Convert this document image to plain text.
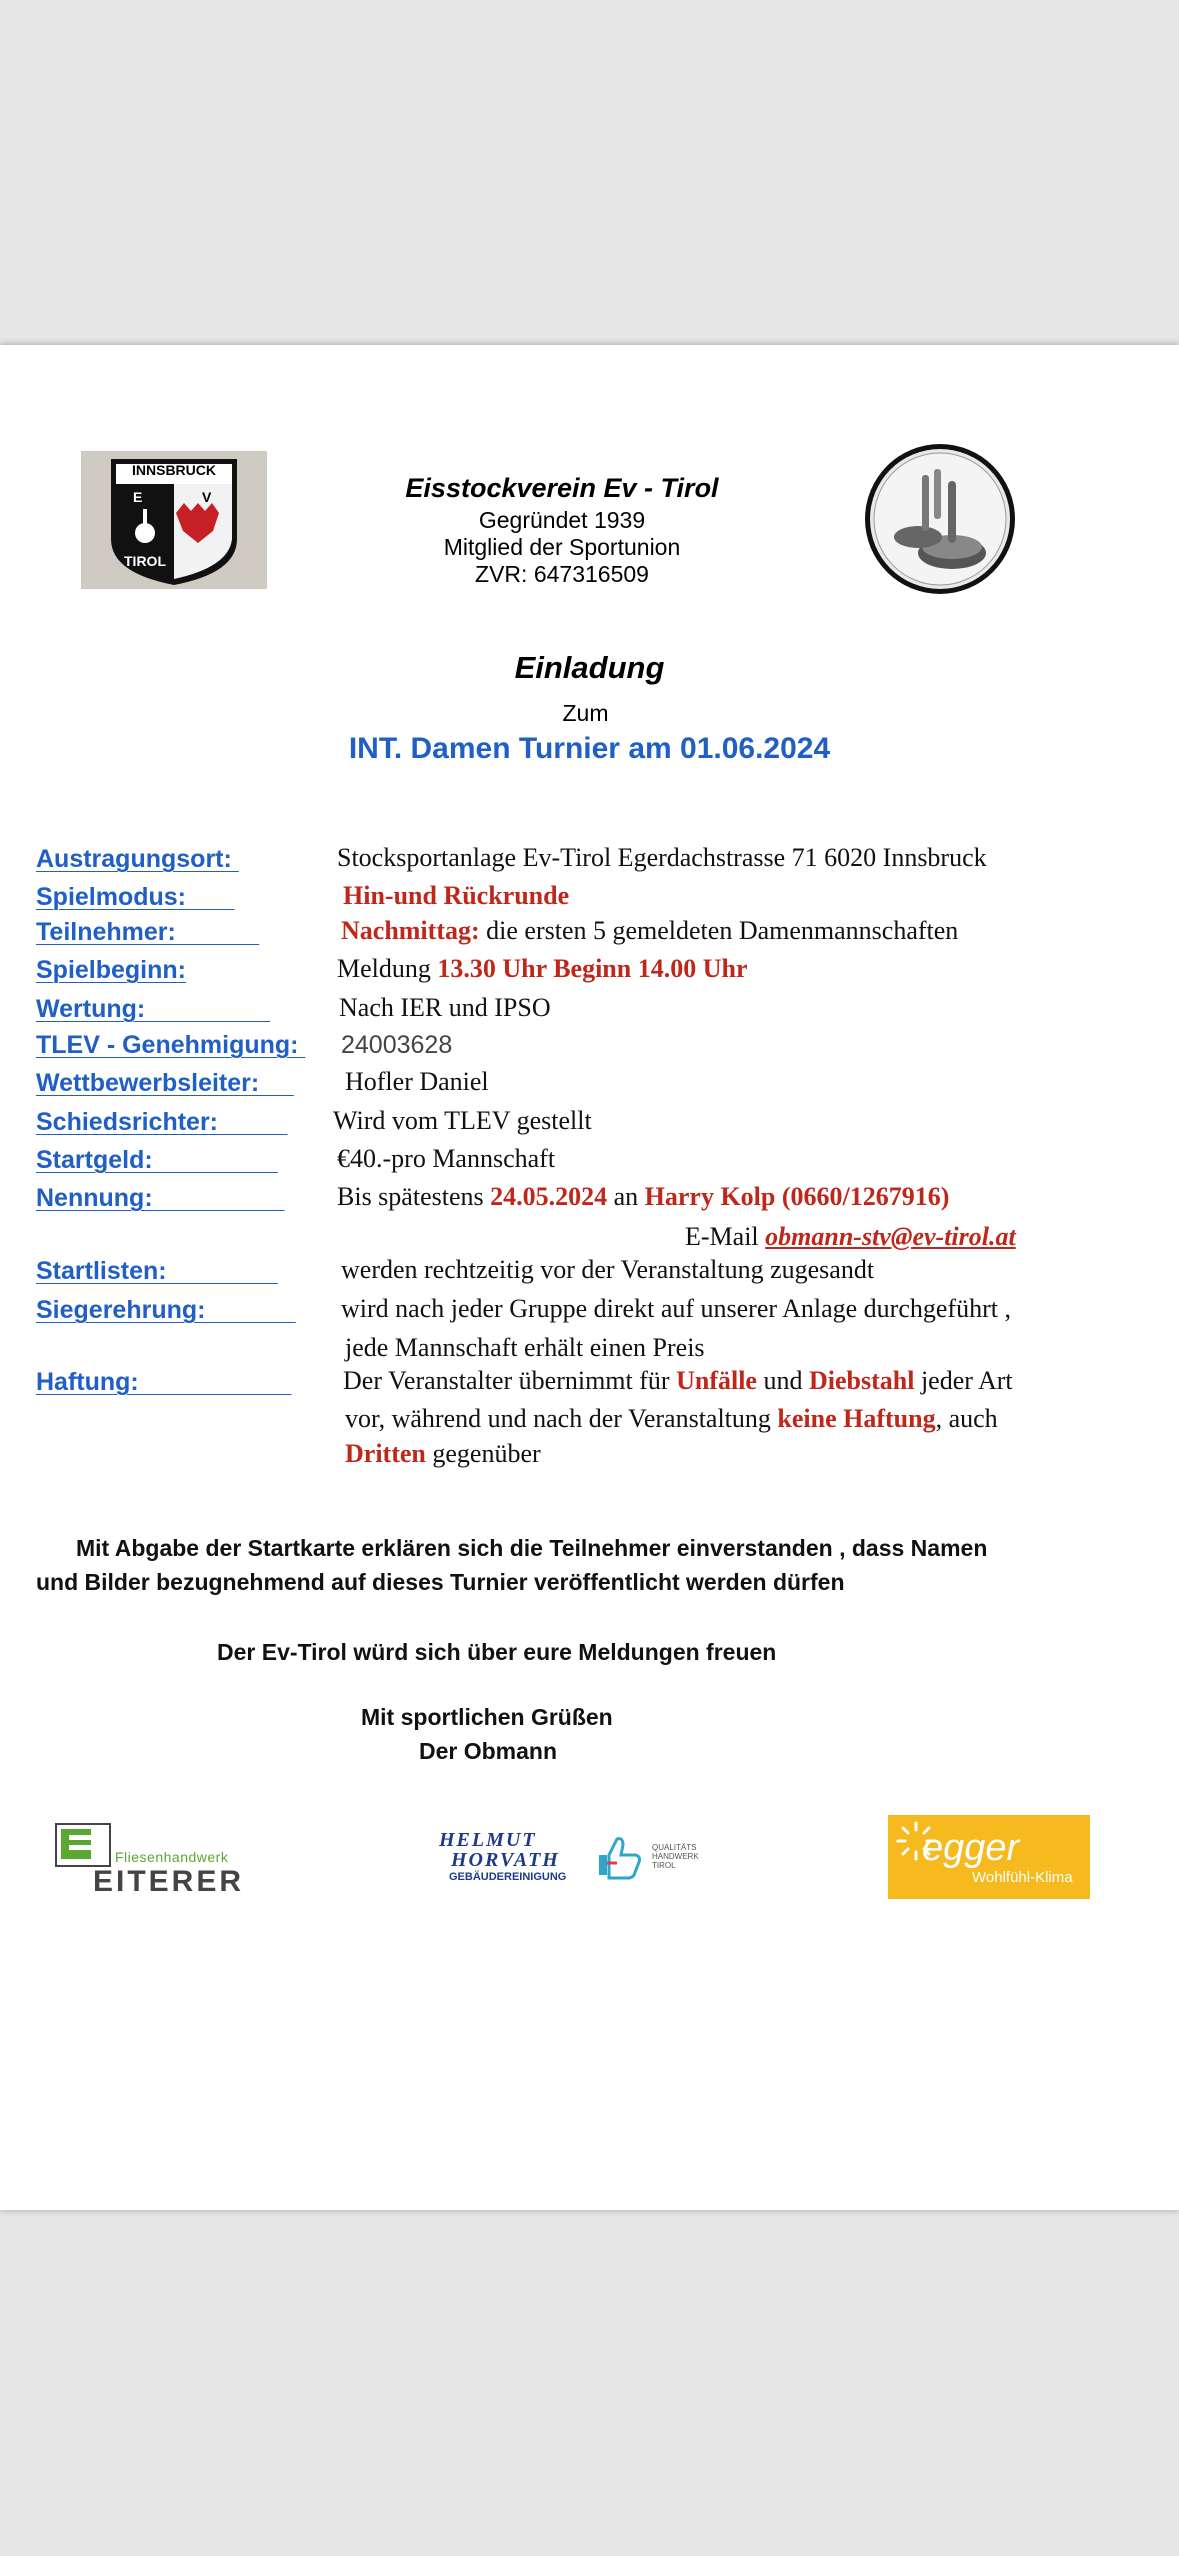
INNSBRUCK
E	V
TIROL
Eisstockverein Ev - Tirol
Gegründet 1939
Mitglied der Sportunion
ZVR: 647316509
Einladung
Zum
INT. Damen Turnier am 01.06.2024
Austragungsort:	Stocksportanlage Ev-Tirol Egerdachstrasse 71 6020 Innsbruck
Spielmodus:	Hin-und Rückrunde
Teilnehmer:	Nachmittag: die ersten 5 gemeldeten Damenmannschaften
Spielbeginn:	Meldung 13.30 Uhr Beginn 14.00 Uhr
Wertung:	Nach IER und IPSO
TLEV - Genehmigung: 24003628
Wettbewerbsleiter: Hofler Daniel
Schiedsrichter: Wird vom TLEV gestellt
Startgeld: €40.-pro Mannschaft
Nennung: Bis spätestens 24.05.2024 an Harry Kolp (0660/1267916)
E-Mail obmann-stv@ev-tirol.at
Startlisten: werden rechtzeitig vor der Veranstaltung zugesandt
Siegerehrung: wird nach jeder Gruppe direkt auf unserer Anlage durchgeführt ,
jede Mannschaft erhält einen Preis
Haftung: Der Veranstalter übernimmt für Unfälle und Diebstahl jeder Art
vor, während und nach der Veranstaltung keine Haftung, auch
Dritten gegenüber
Mit Abgabe der Startkarte erklären sich die Teilnehmer einverstanden , dass Namen
und Bilder bezugnehmend auf dieses Turnier veröffentlicht werden dürfen
Der Ev-Tirol würd sich über eure Meldungen freuen
Mit sportlichen Grüßen
Der Obmann
Fliesenhandwerk
EITERER
HELMUT
HORVATH
GEBÄUDEREINIGUNG
QUALITÄTS
HANDWERK
TIROL	egger
Wohlfühl-Klima
